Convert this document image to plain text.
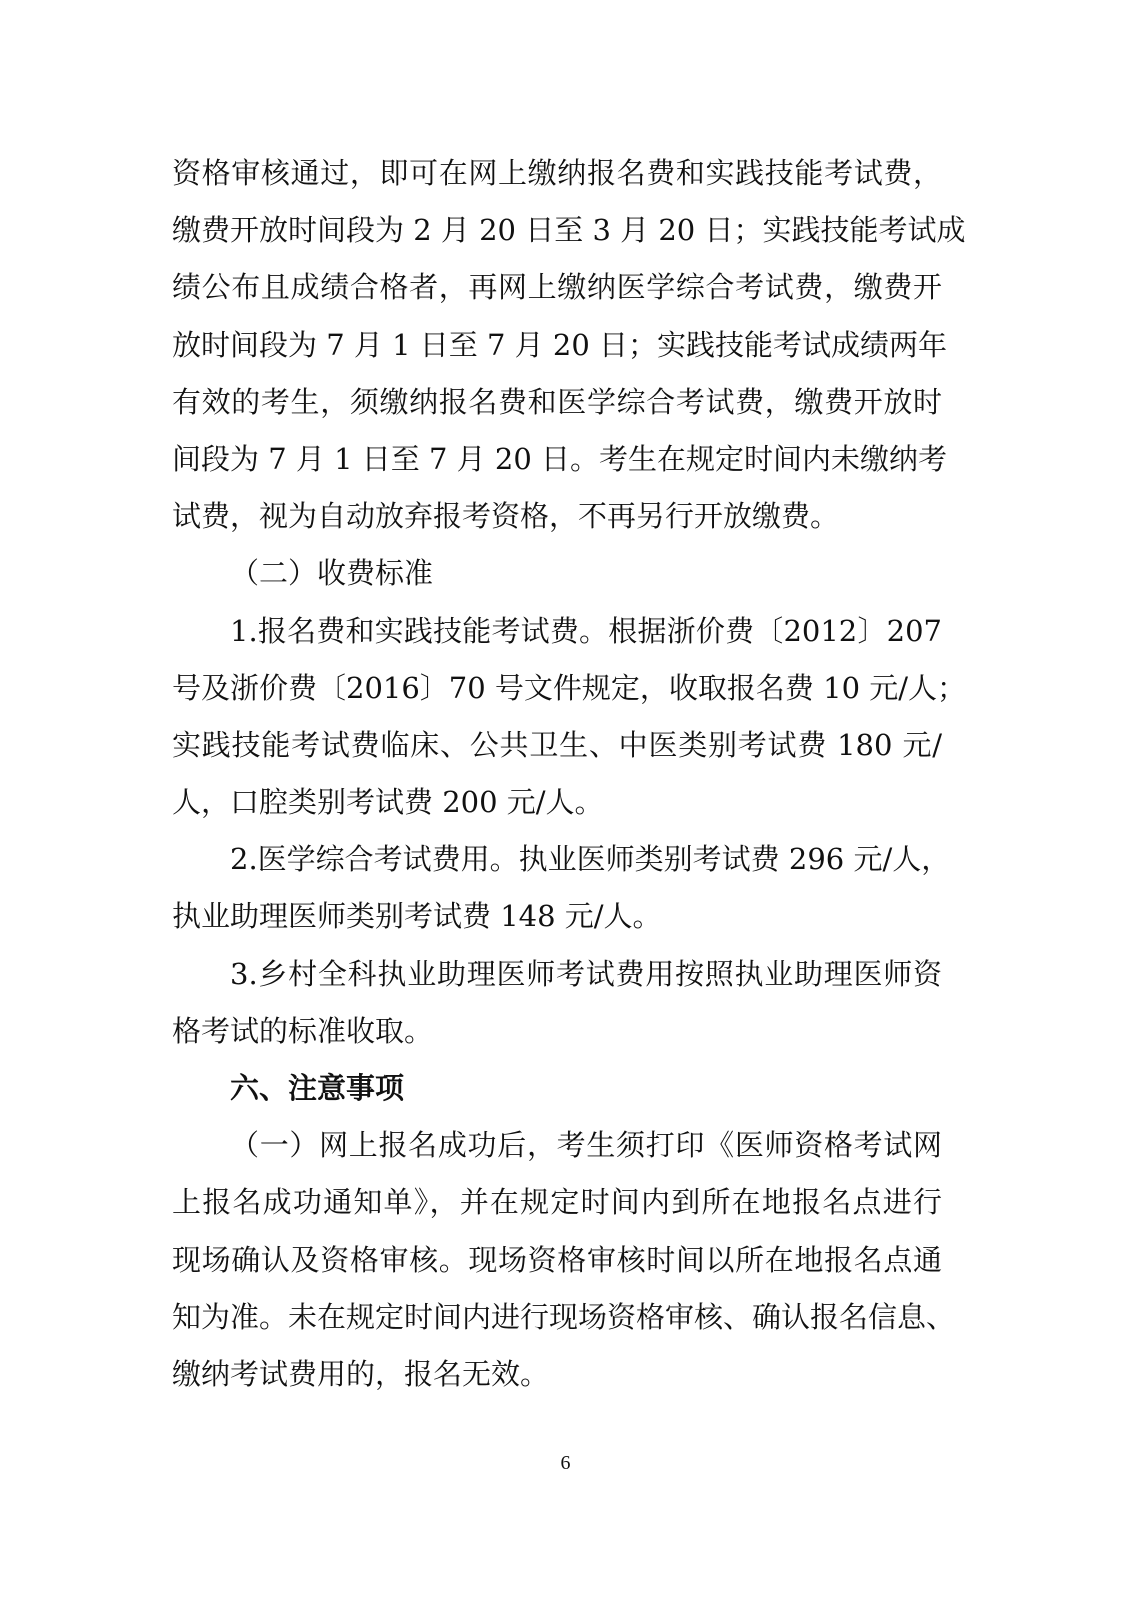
资格审核通过，即可在网上缴纳报名费和实践技能考试费，
缴费开放时间段为 2 月 20 日至 3 月 20 日；实践技能考试成
绩公布且成绩合格者，再网上缴纳医学综合考试费，缴费开
放时间段为 7 月 1 日至 7 月 20 日；实践技能考试成绩两年
有效的考生，须缴纳报名费和医学综合考试费，缴费开放时
间段为 7 月 1 日至 7 月 20 日。考生在规定时间内未缴纳考
试费，视为自动放弃报考资格，不再另行开放缴费。
（二）收费标准
1.报名费和实践技能考试费。根据浙价费〔2012〕207
号及浙价费〔2016〕70 号文件规定，收取报名费 10 元/人；
实践技能考试费临床、公共卫生、中医类别考试费 180 元/
人，口腔类别考试费 200 元/人。
2.医学综合考试费用。执业医师类别考试费 296 元/人，
执业助理医师类别考试费 148 元/人。
3.乡村全科执业助理医师考试费用按照执业助理医师资
格考试的标准收取。
六、注意事项
（一）网上报名成功后，考生须打印《医师资格考试网
上报名成功通知单》，并在规定时间内到所在地报名点进行
现场确认及资格审核。现场资格审核时间以所在地报名点通
知为准。未在规定时间内进行现场资格审核、确认报名信息、
缴纳考试费用的，报名无效。
6
